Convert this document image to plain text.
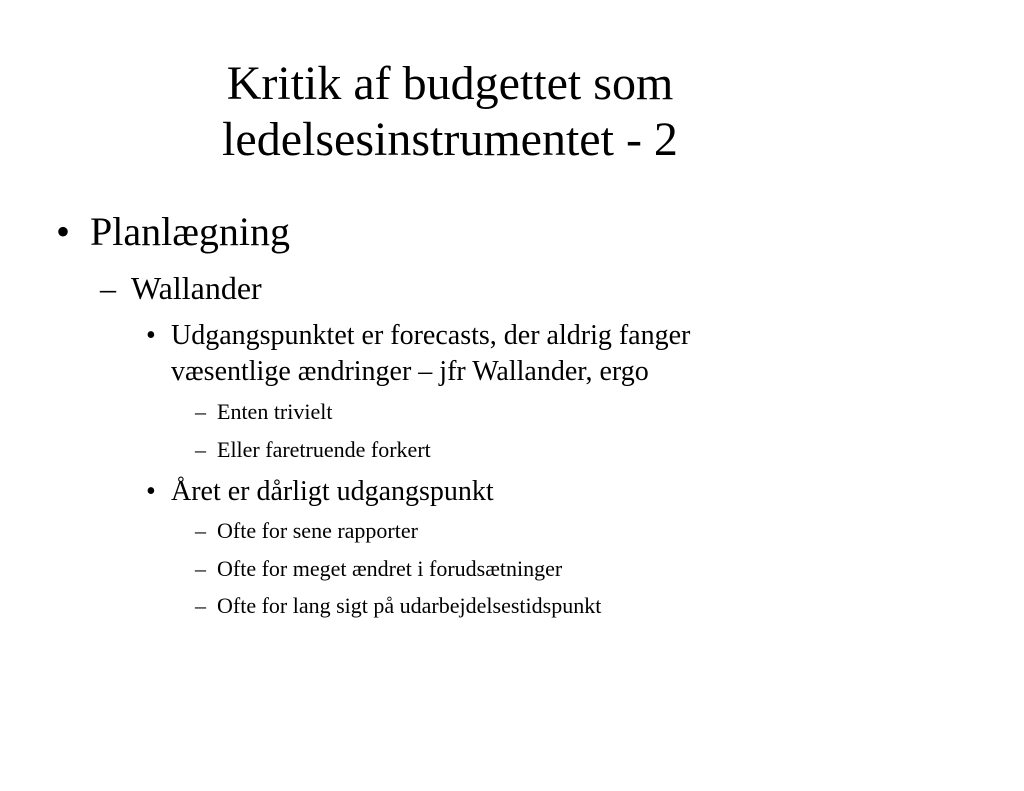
Kritik af budgettet som
ledelsesinstrumentet - 2
• Planlægning
– Wallander
• Udgangspunktet er forecasts, der aldrig fanger
væsentlige ændringer – jfr Wallander, ergo
– Enten trivielt
– Eller faretruende forkert
• Året er dårligt udgangspunkt
– Ofte for sene rapporter
– Ofte for meget ændret i forudsætninger
– Ofte for lang sigt på udarbejdelsestidspunkt
